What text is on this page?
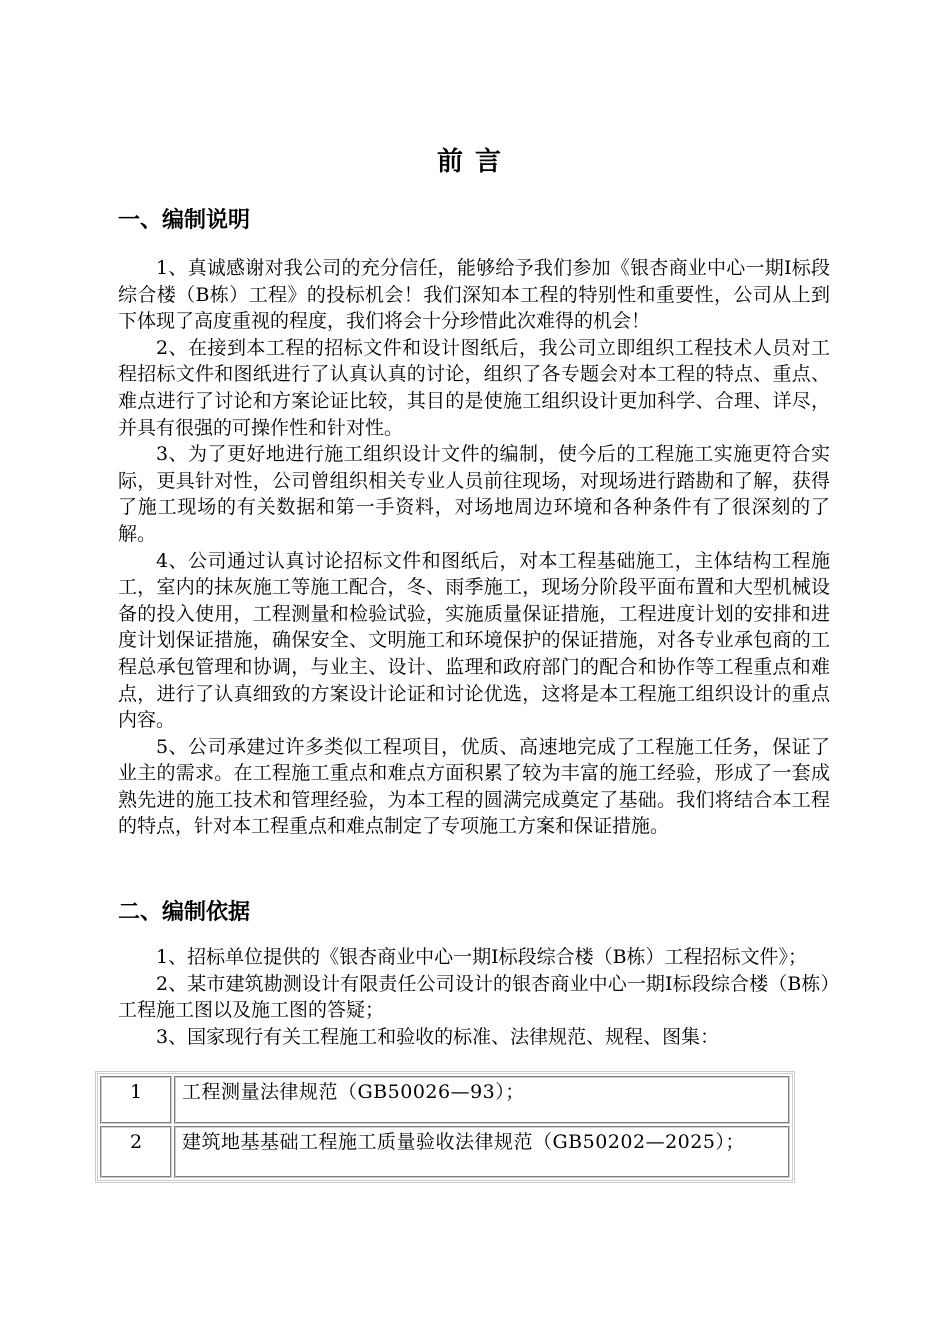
前言
一、编制说明

1、真诚感谢对我公司的充分信任，能够给予我们参加《银杏商业中心一期Ⅰ标段综合楼（B栋）工程》的投标机会！我们深知本工程的特别性和重要性，公司从上到下体现了高度重视的程度，我们将会十分珍惜此次难得的机会！

2、在接到本工程的招标文件和设计图纸后，我公司立即组织工程技术人员对工程招标文件和图纸进行了认真认真的讨论，组织了各专题会对本工程的特点、重点、难点进行了讨论和方案论证比较，其目的是使施工组织设计更加科学、合理、详尽，并具有很强的可操作性和针对性。

3、为了更好地进行施工组织设计文件的编制，使今后的工程施工实施更符合实际，更具针对性，公司曾组织相关专业人员前往现场，对现场进行踏勘和了解，获得了施工现场的有关数据和第一手资料，对场地周边环境和各种条件有了很深刻的了解。

4、公司通过认真讨论招标文件和图纸后，对本工程基础施工，主体结构工程施工，室内的抹灰施工等施工配合，冬、雨季施工，现场分阶段平面布置和大型机械设备的投入使用，工程测量和检验试验，实施质量保证措施，工程进度计划的安排和进度计划保证措施，确保安全、文明施工和环境保护的保证措施，对各专业承包商的工程总承包管理和协调，与业主、设计、监理和政府部门的配合和协作等工程重点和难点，进行了认真细致的方案设计论证和讨论优选，这将是本工程施工组织设计的重点内容。

5、公司承建过许多类似工程项目，优质、高速地完成了工程施工任务，保证了业主的需求。在工程施工重点和难点方面积累了较为丰富的施工经验，形成了一套成熟先进的施工技术和管理经验，为本工程的圆满完成奠定了基础。我们将结合本工程的特点，针对本工程重点和难点制定了专项施工方案和保证措施。

二、编制依据

1、招标单位提供的《银杏商业中心一期Ⅰ标段综合楼（B栋）工程招标文件》；

2、某市建筑勘测设计有限责任公司设计的银杏商业中心一期Ⅰ标段综合楼（B栋）工程施工图以及施工图的答疑；

3、国家现行有关工程施工和验收的标准、法律规范、规程、图集：

1	工程测量法律规范（GB50026—93）；
2	建筑地基基础工程施工质量验收法律规范（GB50202—2025）；
